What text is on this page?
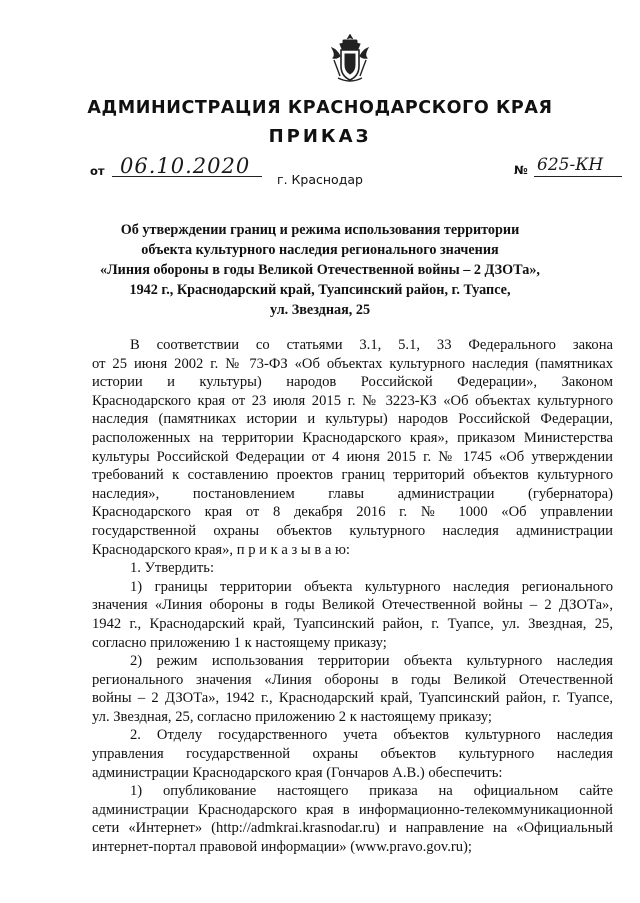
АДМИНИСТРАЦИЯ КРАСНОДАРСКОГО КРАЯ
ПРИКАЗ
от 06.10.2020	№ 625-КН
г. Краснодар
Об утверждении границ и режима использования территории
объекта культурного наследия регионального значения
«Линия обороны в годы Великой Отечественной войны – 2 ДЗОТа»,
1942 г., Краснодарский край, Туапсинский район, г. Туапсе,
ул. Звездная, 25
В соответствии со статьями 3.1, 5.1, 33 Федерального закона
от 25 июня 2002 г. № 73-ФЗ «Об объектах культурного наследия (памятниках
истории и культуры) народов Российской Федерации», Законом
Краснодарского края от 23 июля 2015 г. № 3223-КЗ «Об объектах культурного
наследия (памятниках истории и культуры) народов Российской Федерации,
расположенных на территории Краснодарского края», приказом Министерства
культуры Российской Федерации от 4 июня 2015 г. № 1745 «Об утверждении
требований к составлению проектов границ территорий объектов культурного
наследия», постановлением главы администрации (губернатора)
Краснодарского края от 8 декабря 2016 г. № 1000 «Об управлении
государственной охраны объектов культурного наследия администрации
Краснодарского края», п р и к а з ы в а ю:
1. Утвердить:
1) границы территории объекта культурного наследия регионального
значения «Линия обороны в годы Великой Отечественной войны – 2 ДЗОТа»,
1942 г., Краснодарский край, Туапсинский район, г. Туапсе, ул. Звездная, 25,
согласно приложению 1 к настоящему приказу;
2) режим использования территории объекта культурного наследия
регионального значения «Линия обороны в годы Великой Отечественной
войны – 2 ДЗОТа», 1942 г., Краснодарский край, Туапсинский район, г. Туапсе,
ул. Звездная, 25, согласно приложению 2 к настоящему приказу;
2. Отделу государственного учета объектов культурного наследия
управления государственной охраны объектов культурного наследия
администрации Краснодарского края (Гончаров А.В.) обеспечить:
1) опубликование настоящего приказа на официальном сайте
администрации Краснодарского края в информационно-телекоммуникационной
сети «Интернет» (http://admkrai.krasnodar.ru) и направление на «Официальный
интернет-портал правовой информации» (www.pravo.gov.ru);
